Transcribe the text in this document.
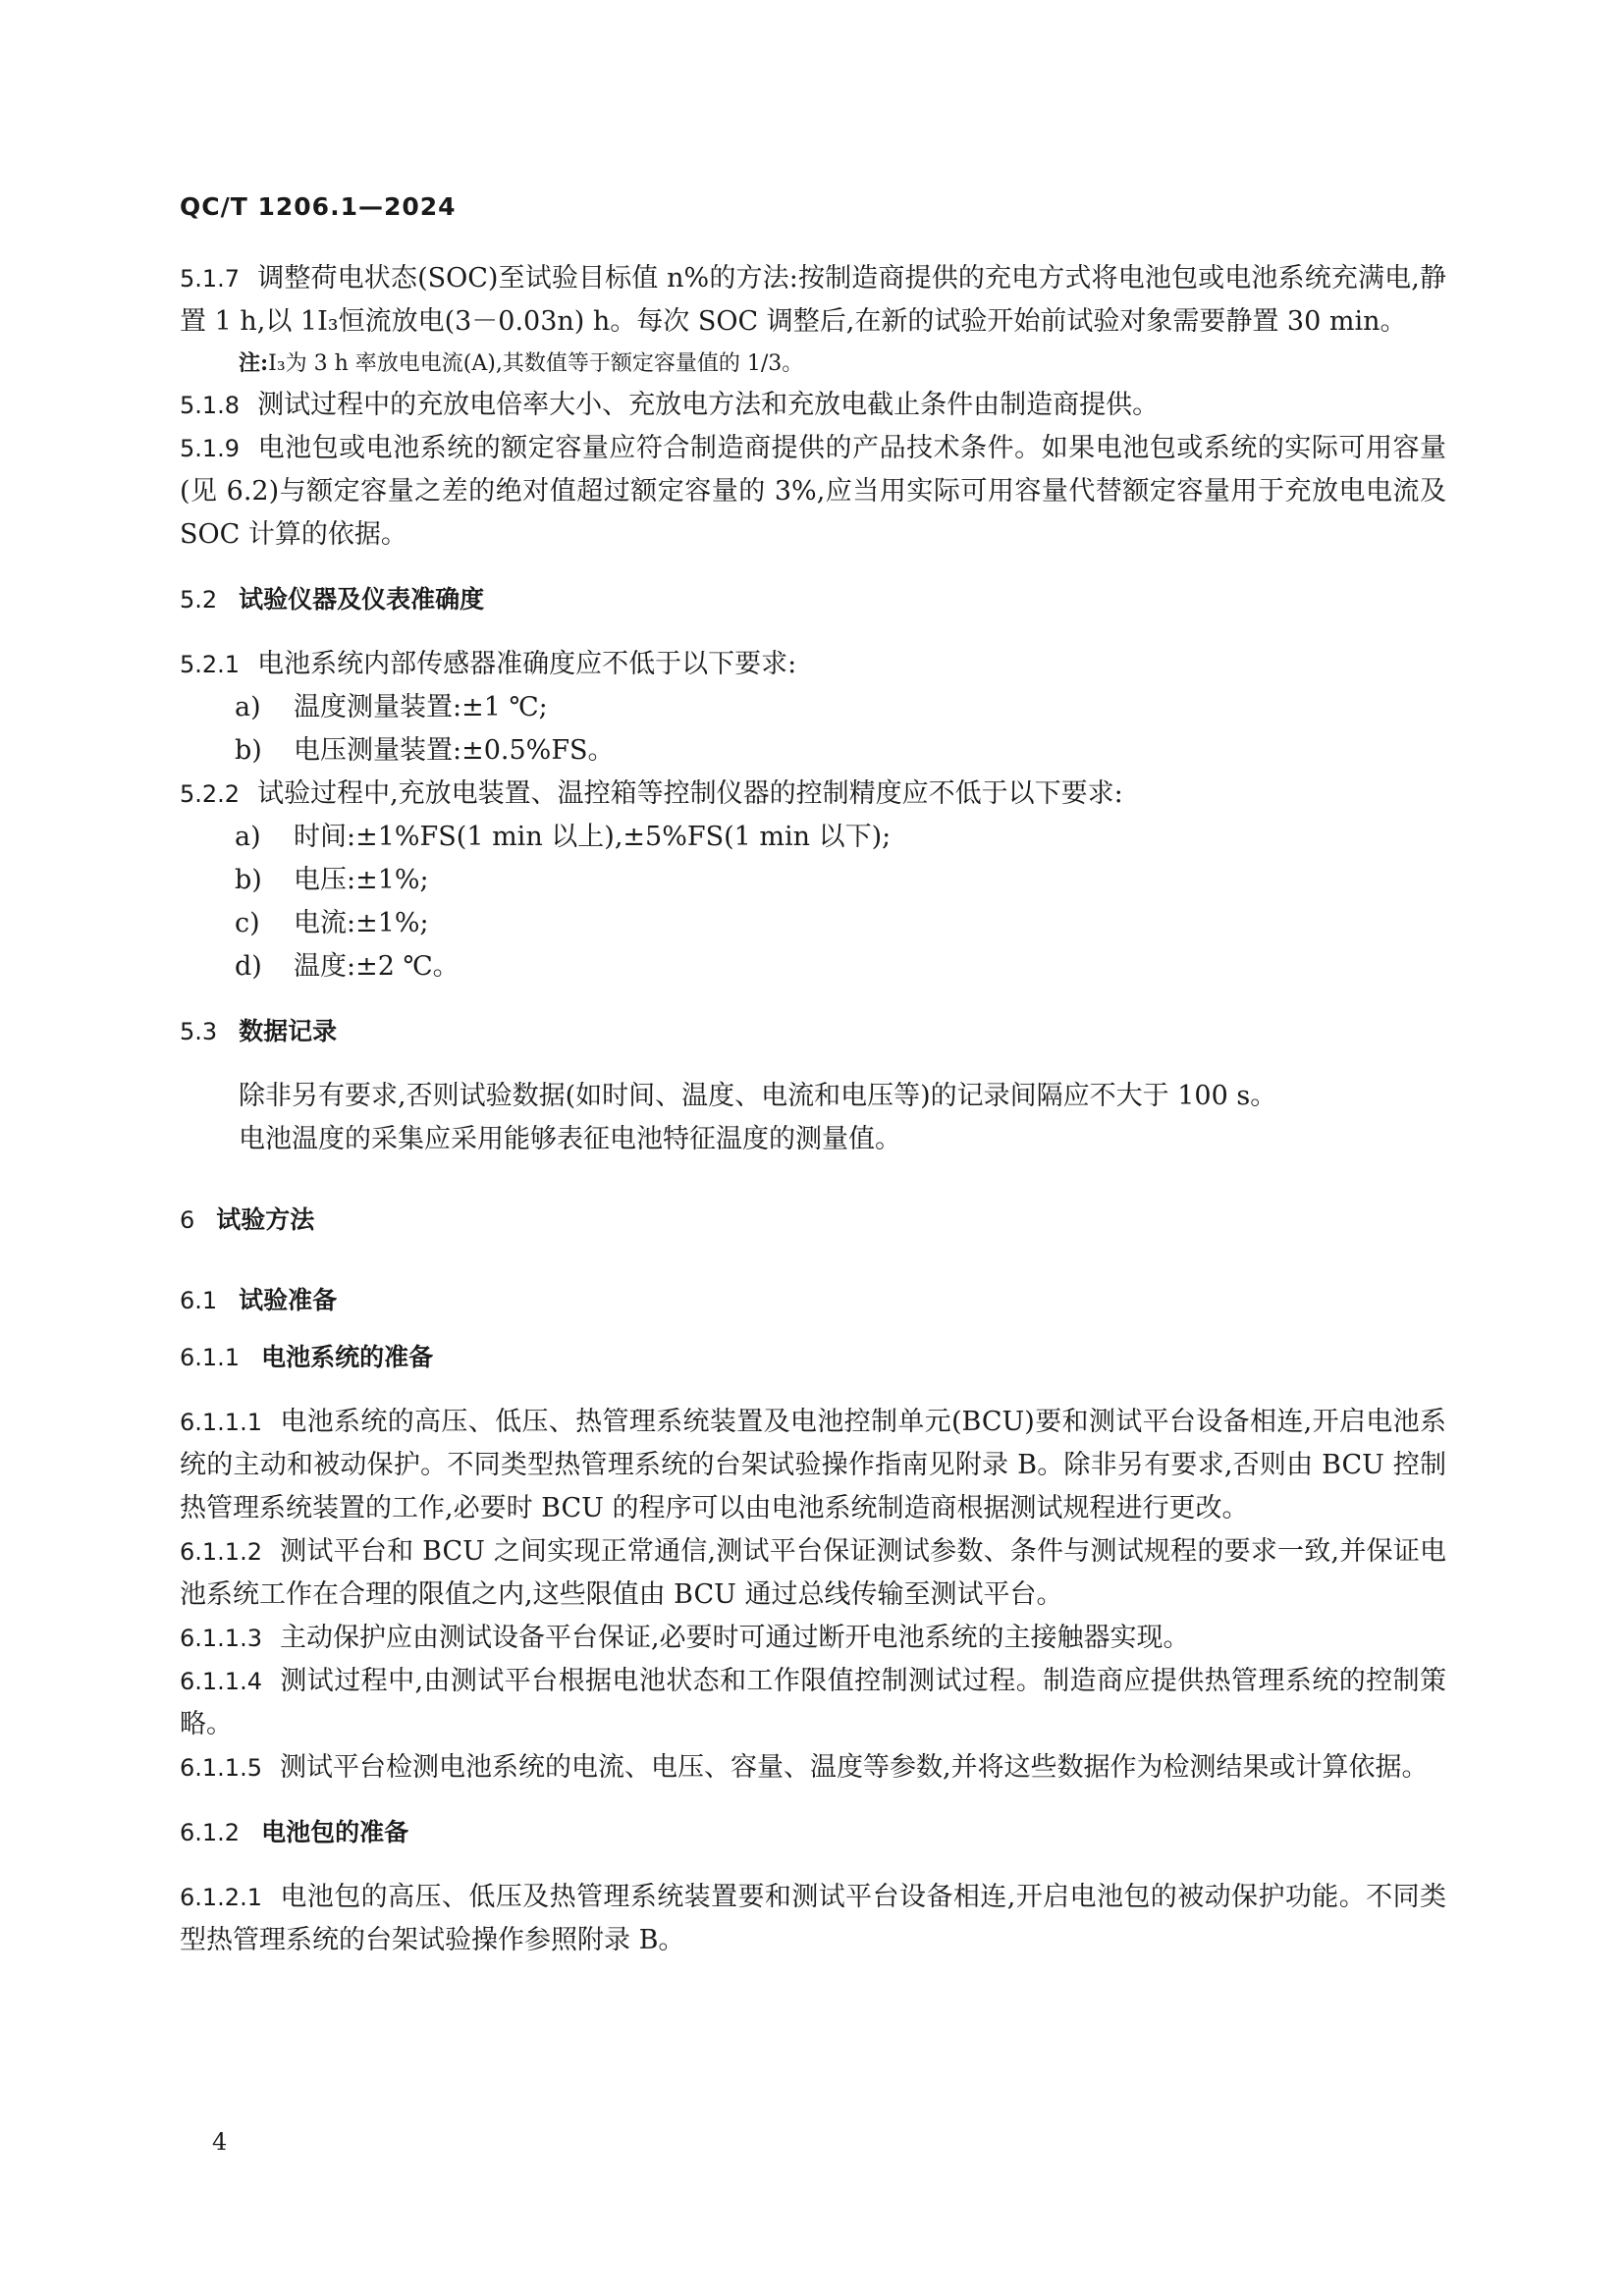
QC/T 1206.1—2024

5.1.7 调整荷电状态(SOC)至试验目标值 n%的方法:按制造商提供的充电方式将电池包或电池系统充满电,静置 1 h,以 1I₃恒流放电(3－0.03n) h。每次 SOC 调整后,在新的试验开始前试验对象需要静置 30 min。

注:I₃为 3 h 率放电电流(A),其数值等于额定容量值的 1/3。

5.1.8 测试过程中的充放电倍率大小、充放电方法和充放电截止条件由制造商提供。

5.1.9 电池包或电池系统的额定容量应符合制造商提供的产品技术条件。如果电池包或系统的实际可用容量(见 6.2)与额定容量之差的绝对值超过额定容量的 3%,应当用实际可用容量代替额定容量用于充放电电流及 SOC 计算的依据。

5.2 试验仪器及仪表准确度

5.2.1 电池系统内部传感器准确度应不低于以下要求:

a) 温度测量装置:±1 ℃;

b) 电压测量装置:±0.5%FS。

5.2.2 试验过程中,充放电装置、温控箱等控制仪器的控制精度应不低于以下要求:

a) 时间:±1%FS(1 min 以上),±5%FS(1 min 以下);

b) 电压:±1%;

c) 电流:±1%;

d) 温度:±2 ℃。

5.3 数据记录

除非另有要求,否则试验数据(如时间、温度、电流和电压等)的记录间隔应不大于 100 s。

电池温度的采集应采用能够表征电池特征温度的测量值。

6 试验方法

6.1 试验准备

6.1.1 电池系统的准备

6.1.1.1 电池系统的高压、低压、热管理系统装置及电池控制单元(BCU)要和测试平台设备相连,开启电池系统的主动和被动保护。不同类型热管理系统的台架试验操作指南见附录 B。除非另有要求,否则由 BCU 控制热管理系统装置的工作,必要时 BCU 的程序可以由电池系统制造商根据测试规程进行更改。

6.1.1.2 测试平台和 BCU 之间实现正常通信,测试平台保证测试参数、条件与测试规程的要求一致,并保证电池系统工作在合理的限值之内,这些限值由 BCU 通过总线传输至测试平台。

6.1.1.3 主动保护应由测试设备平台保证,必要时可通过断开电池系统的主接触器实现。

6.1.1.4 测试过程中,由测试平台根据电池状态和工作限值控制测试过程。制造商应提供热管理系统的控制策略。

6.1.1.5 测试平台检测电池系统的电流、电压、容量、温度等参数,并将这些数据作为检测结果或计算依据。

6.1.2 电池包的准备

6.1.2.1 电池包的高压、低压及热管理系统装置要和测试平台设备相连,开启电池包的被动保护功能。不同类型热管理系统的台架试验操作参照附录 B。

4
